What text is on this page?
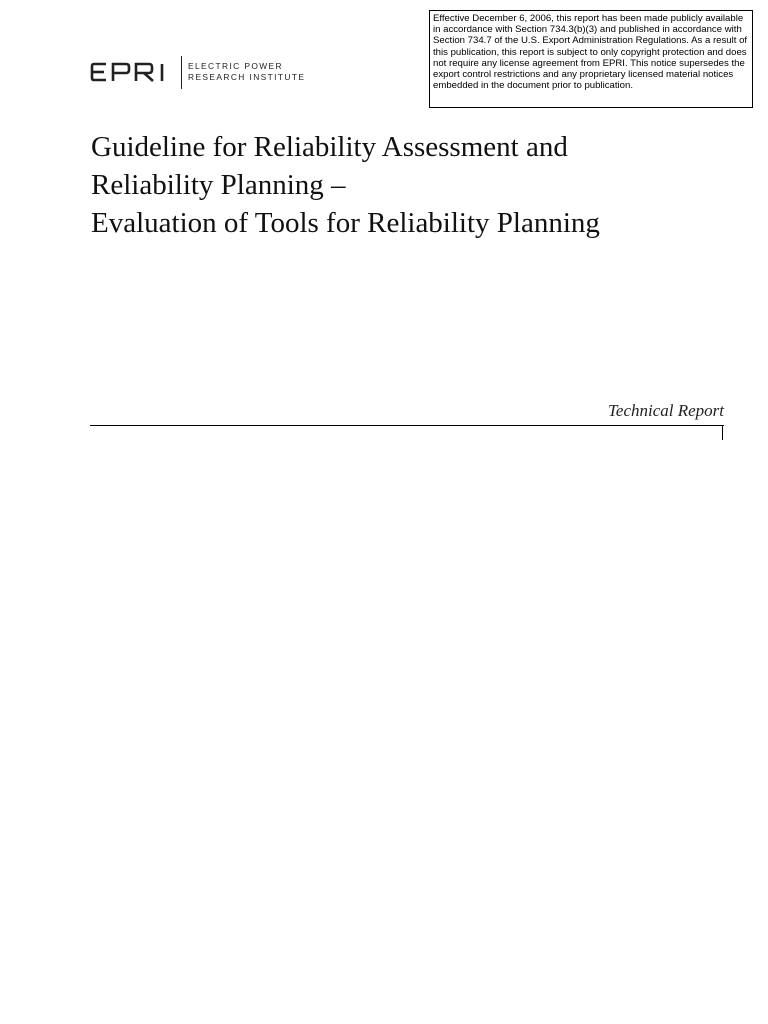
Effective December 6, 2006, this report has been made publicly available in accordance with Section 734.3(b)(3) and published in accordance with Section 734.7 of the U.S. Export Administration Regulations. As a result of this publication, this report is subject to only copyright protection and does not require any license agreement from EPRI. This notice supersedes the export control restrictions and any proprietary licensed material notices embedded in the document prior to publication.
ELECTRIC POWER
RESEARCH INSTITUTE
Guideline for Reliability Assessment and
Reliability Planning –
Evaluation of Tools for Reliability Planning
Technical Report
